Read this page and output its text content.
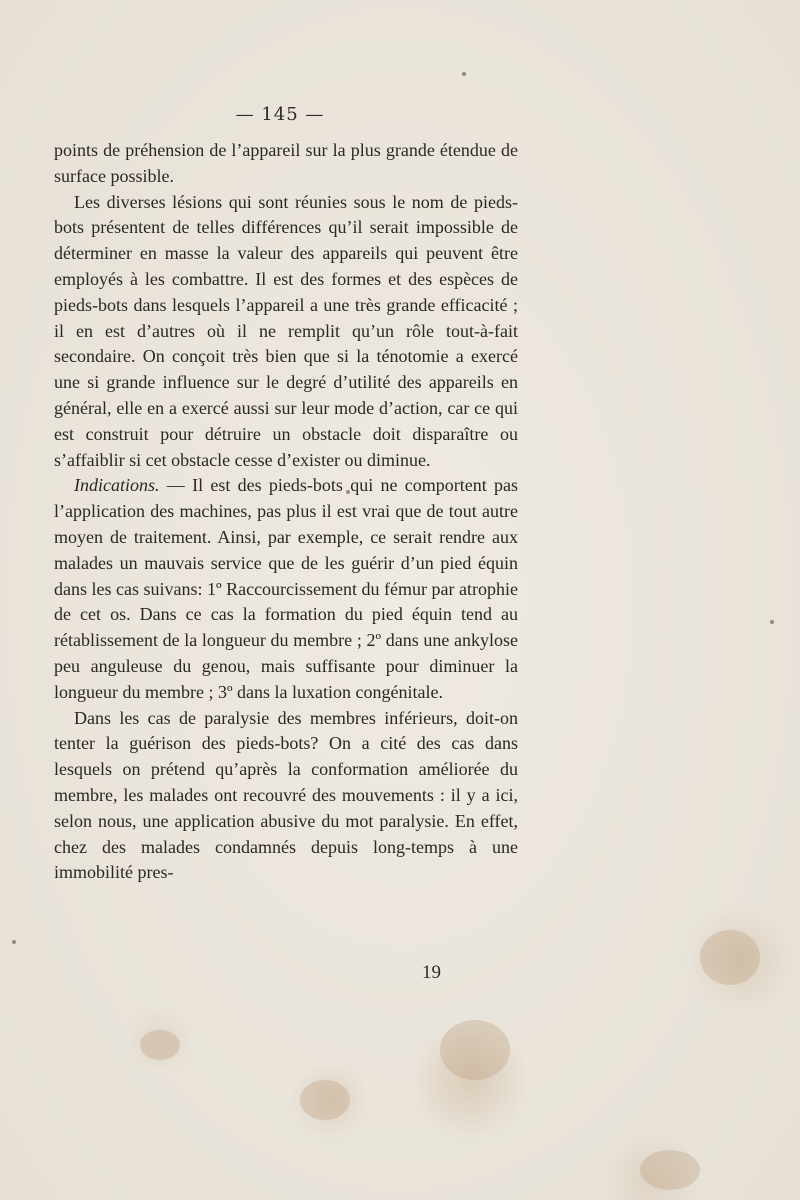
— 145 —

points de préhension de l’appareil sur la plus grande étendue de surface possible.

Les diverses lésions qui sont réunies sous le nom de pieds-bots présentent de telles différences qu’il serait impossible de déterminer en masse la valeur des appareils qui peuvent être employés à les combattre. Il est des formes et des espèces de pieds-bots dans lesquels l’appareil a une très grande efficacité ; il en est d’autres où il ne remplit qu’un rôle tout-à-fait secondaire. On conçoit très bien que si la ténotomie a exercé une si grande influence sur le degré d’utilité des appareils en général, elle en a exercé aussi sur leur mode d’action, car ce qui est construit pour détruire un obstacle doit disparaître ou s’affaiblir si cet obstacle cesse d’exister ou diminue.

Indications. — Il est des pieds-bots qui ne comportent pas l’application des machines, pas plus il est vrai que de tout autre moyen de traitement. Ainsi, par exemple, ce serait rendre aux malades un mauvais service que de les guérir d’un pied équin dans les cas suivans: 1º Raccourcissement du fémur par atrophie de cet os. Dans ce cas la formation du pied équin tend au rétablissement de la longueur du membre ; 2º dans une ankylose peu anguleuse du genou, mais suffisante pour diminuer la longueur du membre ; 3º dans la luxation congénitale.

Dans les cas de paralysie des membres inférieurs, doit-on tenter la guérison des pieds-bots? On a cité des cas dans lesquels on prétend qu’après la conformation améliorée du membre, les malades ont recouvré des mouvements : il y a ici, selon nous, une application abusive du mot paralysie. En effet, chez des malades condamnés depuis long-temps à une immobilité pres-

19
